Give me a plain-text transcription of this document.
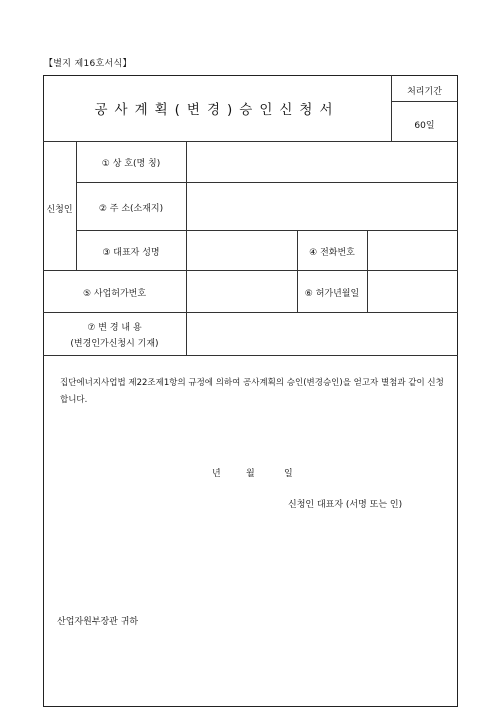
【별지 제16호서식】
공사계획(변경)승인신청서
처리기간
60일
신청인
① 상 호(명 칭)
② 주 소(소재지)
③ 대표자 성명	④ 전화번호
⑤ 사업허가번호	⑥ 허가년월일
⑦ 변 경 내 용
(변경인가신청시 기재)
집단에너지사업법 제22조제1항의 규정에 의하여 공사계획의 승인(변경승인)을 얻고자 별첨과 같이 신청합니다.
년	월	일
신청인 대표자 (서명 또는 인)
산업자원부장관 귀하
